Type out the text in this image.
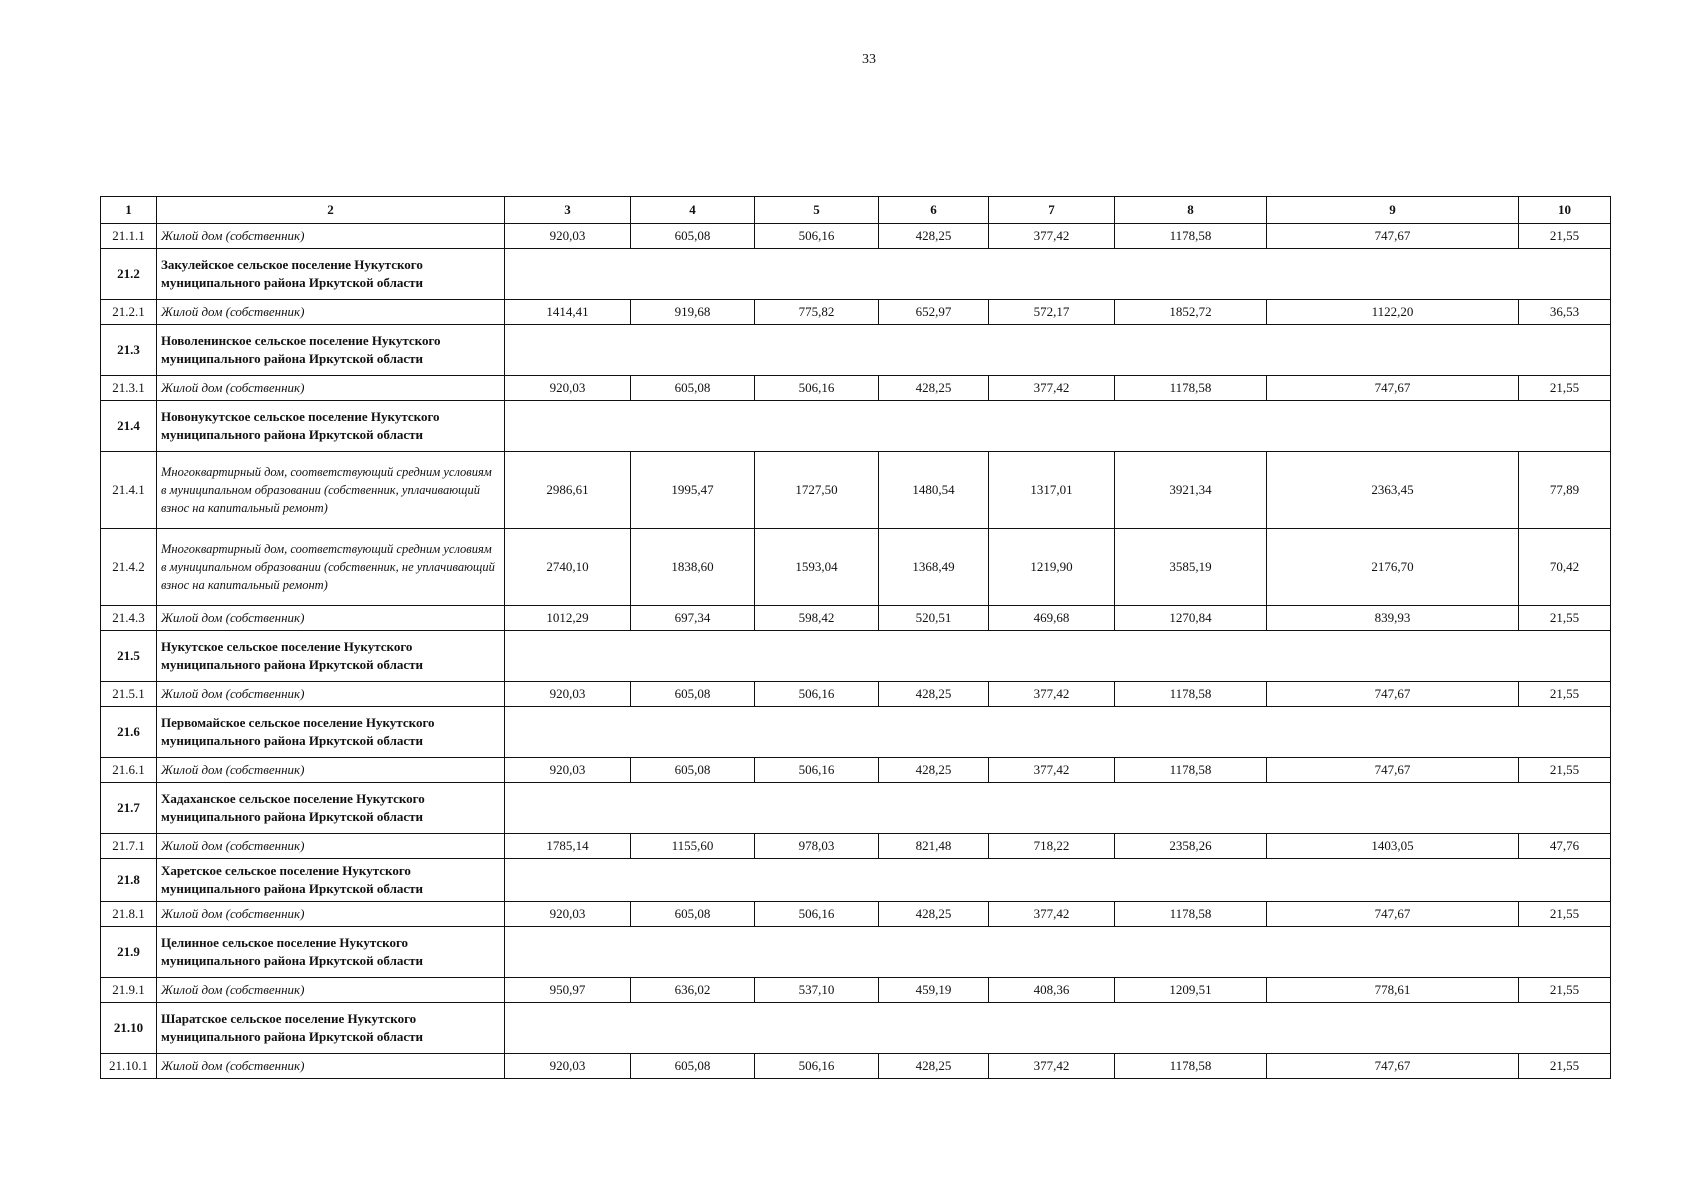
33
1	2	3	4	5	6	7	8	9	10
21.1.1	Жилой дом (собственник)	920,03	605,08	506,16	428,25	377,42	1178,58	747,67	21,55
21.2	Закулейское сельское поселение Нукутского муниципального района Иркутской области								
21.2.1	Жилой дом (собственник)	1414,41	919,68	775,82	652,97	572,17	1852,72	1122,20	36,53
21.3	Новоленинское сельское поселение Нукутского муниципального района Иркутской области								
21.3.1	Жилой дом (собственник)	920,03	605,08	506,16	428,25	377,42	1178,58	747,67	21,55
21.4	Новонукутское сельское поселение Нукутского муниципального района Иркутской области								
21.4.1	Многоквартирный дом, соответствующий средним условиям в муниципальном образовании (собственник, уплачивающий взнос на капитальный ремонт)	2986,61	1995,47	1727,50	1480,54	1317,01	3921,34	2363,45	77,89
21.4.2	Многоквартирный дом, соответствующий средним условиям в муниципальном образовании (собственник, не уплачивающий взнос на капитальный ремонт)	2740,10	1838,60	1593,04	1368,49	1219,90	3585,19	2176,70	70,42
21.4.3	Жилой дом (собственник)	1012,29	697,34	598,42	520,51	469,68	1270,84	839,93	21,55
21.5	Нукутское сельское поселение Нукутского муниципального района Иркутской области								
21.5.1	Жилой дом (собственник)	920,03	605,08	506,16	428,25	377,42	1178,58	747,67	21,55
21.6	Первомайское сельское поселение Нукутского муниципального района Иркутской области								
21.6.1	Жилой дом (собственник)	920,03	605,08	506,16	428,25	377,42	1178,58	747,67	21,55
21.7	Хадаханское сельское поселение Нукутского муниципального района Иркутской области								
21.7.1	Жилой дом (собственник)	1785,14	1155,60	978,03	821,48	718,22	2358,26	1403,05	47,76
21.8	Харетское сельское поселение Нукутского муниципального района Иркутской области								
21.8.1	Жилой дом (собственник)	920,03	605,08	506,16	428,25	377,42	1178,58	747,67	21,55
21.9	Целинное сельское поселение Нукутского муниципального района Иркутской области								
21.9.1	Жилой дом (собственник)	950,97	636,02	537,10	459,19	408,36	1209,51	778,61	21,55
21.10	Шаратское сельское поселение Нукутского муниципального района Иркутской области								
21.10.1	Жилой дом (собственник)	920,03	605,08	506,16	428,25	377,42	1178,58	747,67	21,55
